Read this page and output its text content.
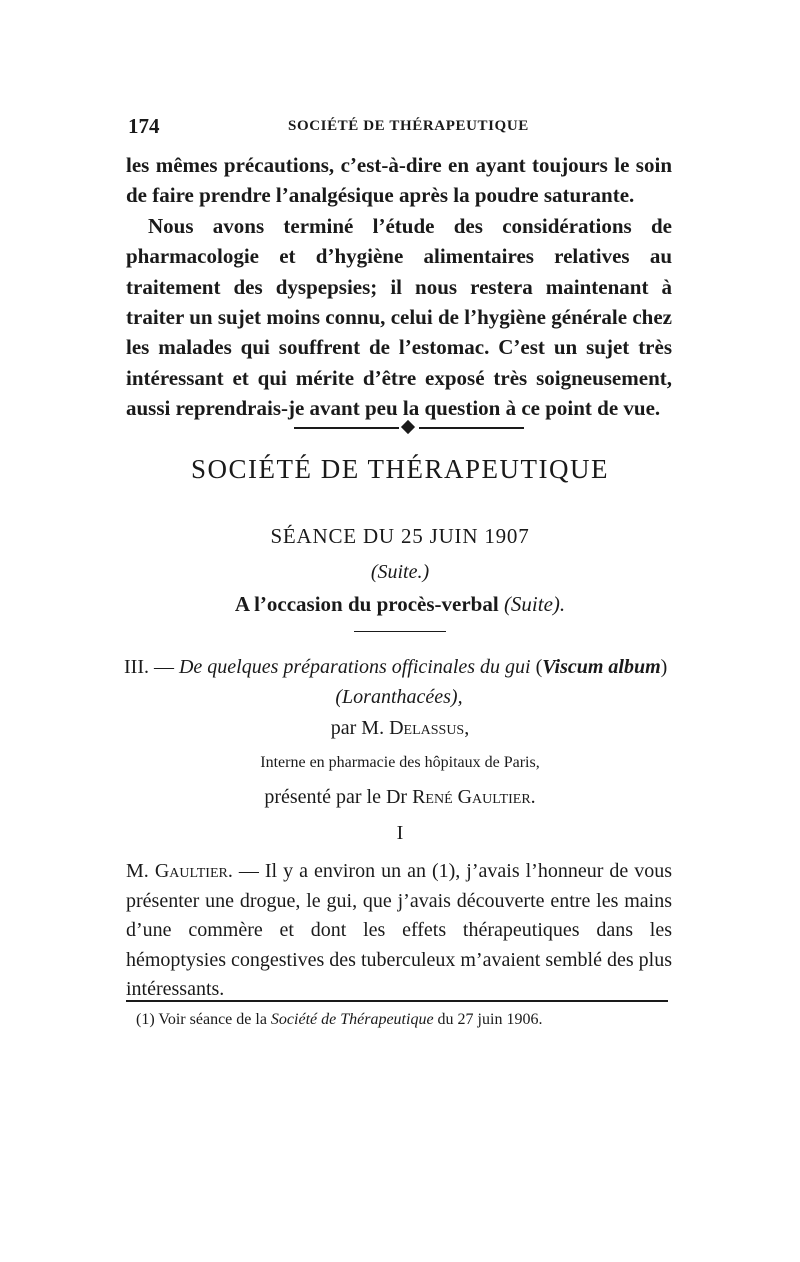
174	SOCIÉTÉ DE THÉRAPEUTIQUE

les mêmes précautions, c’est-à-dire en ayant toujours le soin de faire prendre l’analgésique après la poudre saturante.

Nous avons terminé l’étude des considérations de pharmacologie et d’hygiène alimentaires relatives au traitement des dyspepsies; il nous restera maintenant à traiter un sujet moins connu, celui de l’hygiène générale chez les malades qui souffrent de l’estomac. C’est un sujet très intéressant et qui mérite d’être exposé très soigneusement, aussi reprendrais-je avant peu la question à ce point de vue.

SOCIÉTÉ DE THÉRAPEUTIQUE
SÉANCE DU 25 JUIN 1907
(Suite.)
A l’occasion du procès-verbal (Suite).
III. — De quelques préparations officinales du gui (Viscum album)
(Loranthacées),
par M. Delassus,
Interne en pharmacie des hôpitaux de Paris,
présenté par le Dr René Gaultier.
I

M. Gaultier. — Il y a environ un an (1), j’avais l’honneur de vous présenter une drogue, le gui, que j’avais découverte entre les mains d’une commère et dont les effets thérapeutiques dans les hémoptysies congestives des tuberculeux m’avaient semblé des plus intéressants.

(1) Voir séance de la Société de Thérapeutique du 27 juin 1906.
